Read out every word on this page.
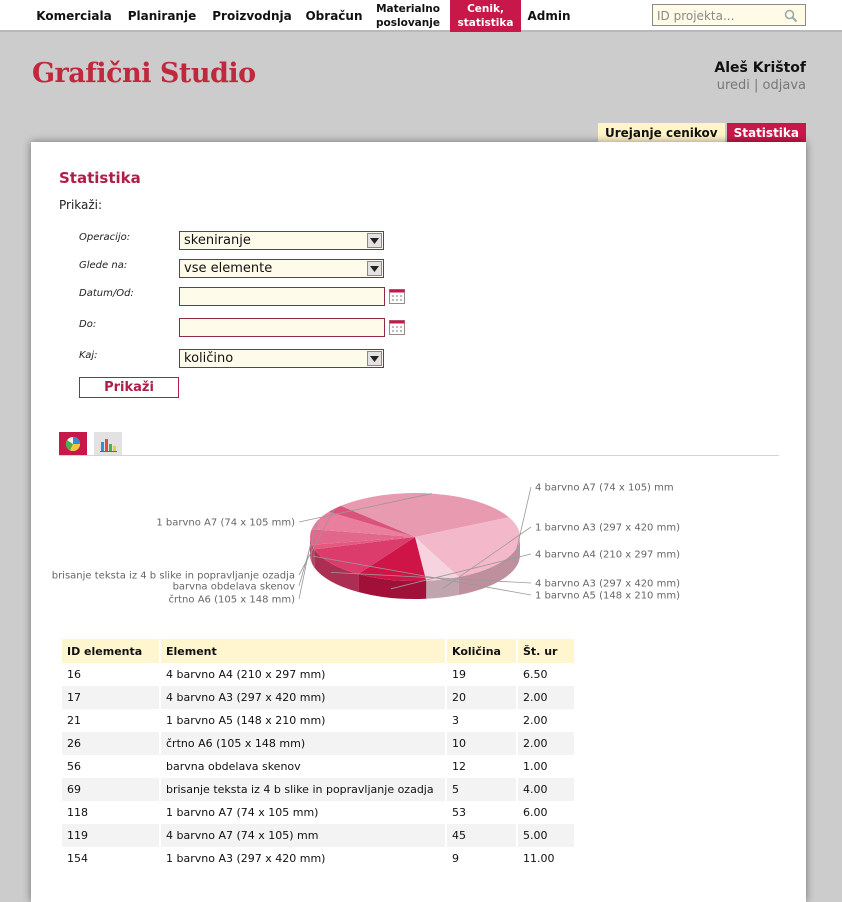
Komerciala	Planiranje	Proizvodnja	Obračun Materialno
poslovanje
Cenik,
statistika Admin
ID projekta...
Grafični Studio	Aleš Krištof
uredi | odjava
Urejanje cenikov	Statistika
Statistika
Prikaži:
Operacijo:	skeniranje
Glede na:	vse elemente
Datum/Od:
Do:
Kaj:	količino
Prikaži
1 barvno A7 (74 x 105 mm)
4 barvno A7 (74 x 105) mm
1 barvno A3 (297 x 420 mm)
4 barvno A4 (210 x 297 mm)
4 barvno A3 (297 x 420 mm)
1 barvno A5 (148 x 210 mm)
črtno A6 (105 x 148 mm)
barvna obdelava skenov
brisanje teksta iz 4 b slike in popravljanje ozadja
ID elementa	Element	Količina	Št. ur
16	4 barvno A4 (210 x 297 mm)	19	6.50
17	4 barvno A3 (297 x 420 mm)	20	2.00
21	1 barvno A5 (148 x 210 mm)	3	2.00
26	črtno A6 (105 x 148 mm)	10	2.00
56	barvna obdelava skenov	12	1.00
69	brisanje teksta iz 4 b slike in popravljanje ozadja	5	4.00
118	1 barvno A7 (74 x 105 mm)	53	6.00
119	4 barvno A7 (74 x 105) mm	45	5.00
154	1 barvno A3 (297 x 420 mm)	9	11.00
